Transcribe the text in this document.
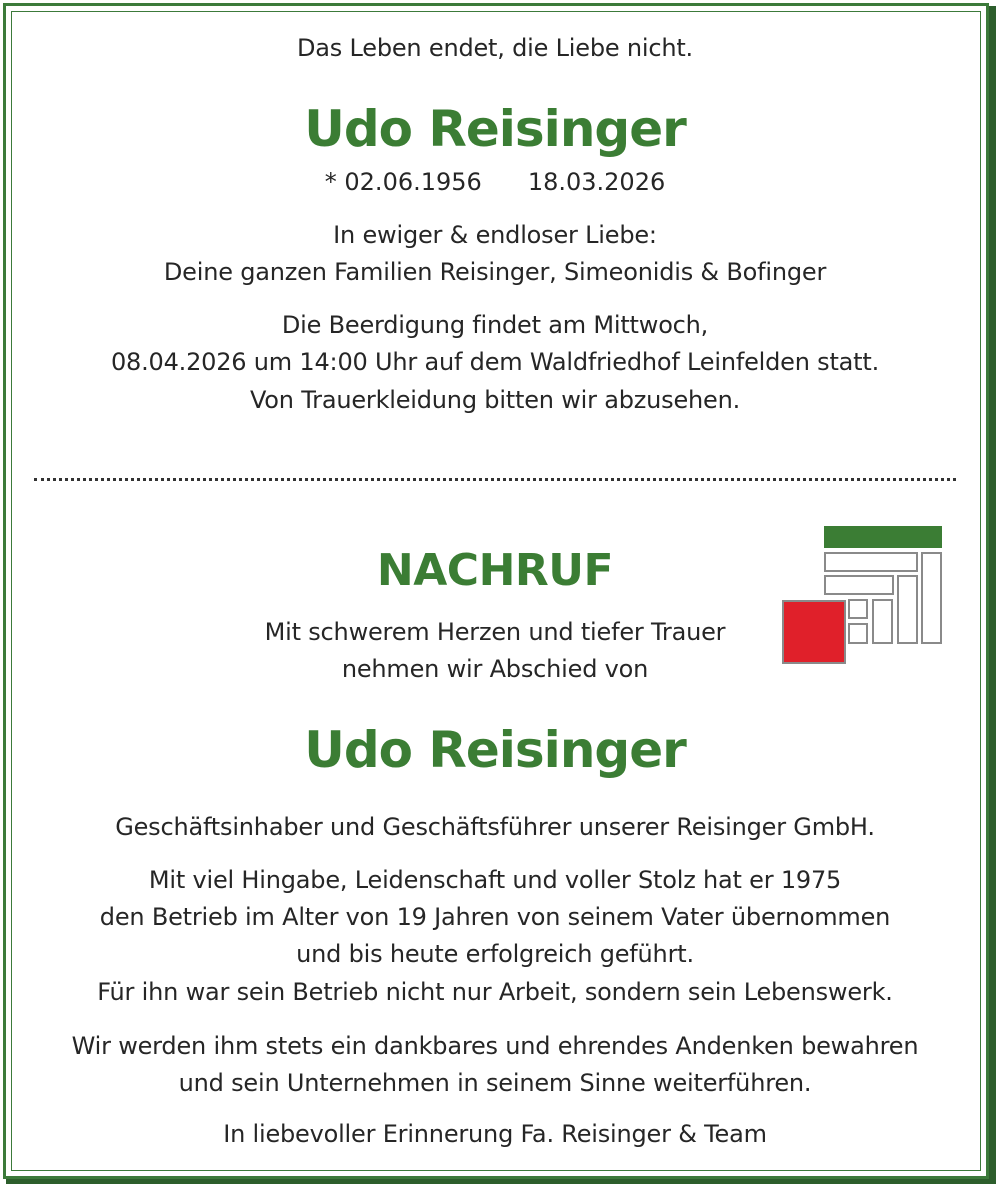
Das Leben endet, die Liebe nicht.
Udo Reisinger
* 02.06.1956 18.03.2026
In ewiger & endloser Liebe:
Deine ganzen Familien Reisinger, Simeonidis & Bofinger
Die Beerdigung findet am Mittwoch,
08.04.2026 um 14:00 Uhr auf dem Waldfriedhof Leinfelden statt.
Von Trauerkleidung bitten wir abzusehen.
NACHRUF
Mit schwerem Herzen und tiefer Trauer
nehmen wir Abschied von
Udo Reisinger
Geschäftsinhaber und Geschäftsführer unserer Reisinger GmbH.
Mit viel Hingabe, Leidenschaft und voller Stolz hat er 1975
den Betrieb im Alter von 19 Jahren von seinem Vater übernommen
und bis heute erfolgreich geführt.
Für ihn war sein Betrieb nicht nur Arbeit, sondern sein Lebenswerk.
Wir werden ihm stets ein dankbares und ehrendes Andenken bewahren
und sein Unternehmen in seinem Sinne weiterführen.
In liebevoller Erinnerung Fa. Reisinger & Team
